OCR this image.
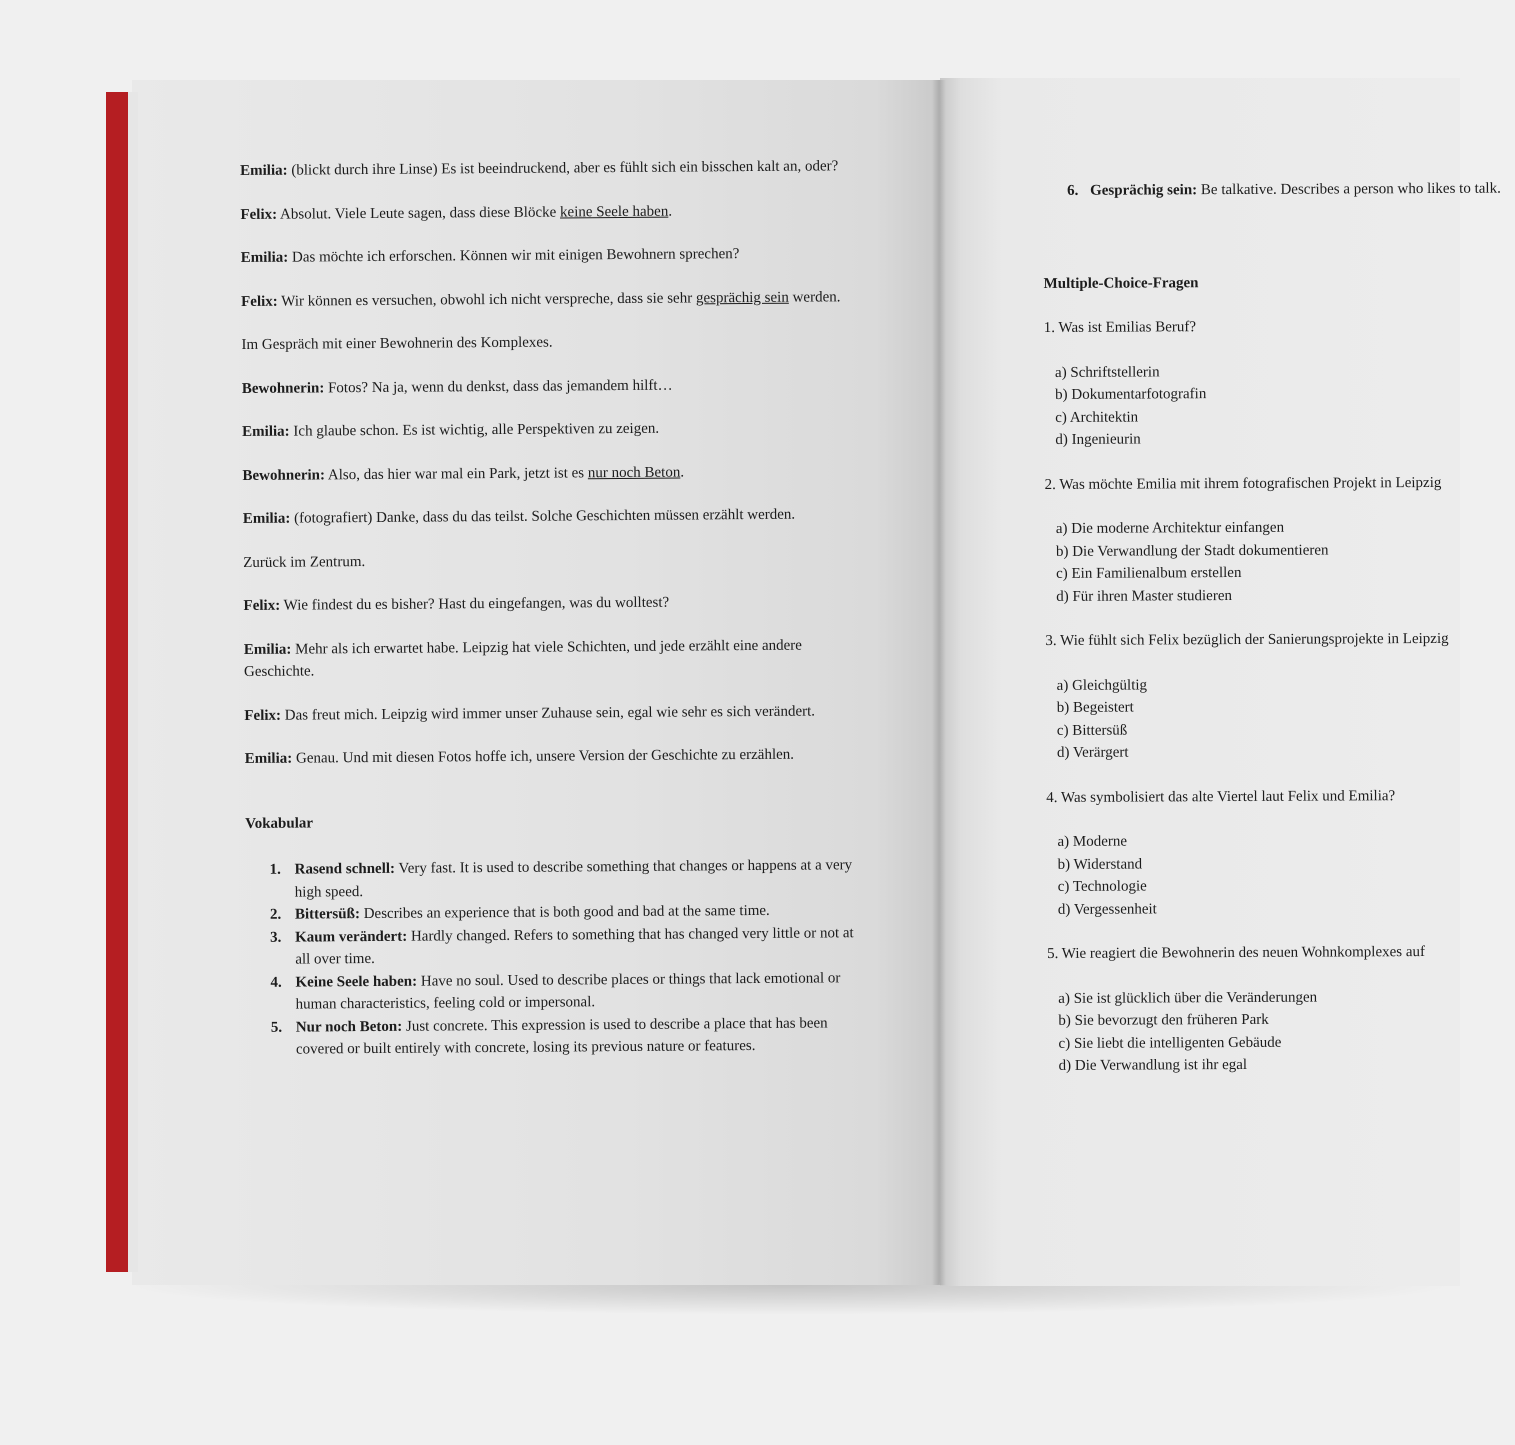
Emilia: (blickt durch ihre Linse) Es ist beeindruckend, aber es fühlt sich ein bisschen kalt an, oder?

Felix: Absolut. Viele Leute sagen, dass diese Blöcke keine Seele haben.

Emilia: Das möchte ich erforschen. Können wir mit einigen Bewohnern sprechen?

Felix: Wir können es versuchen, obwohl ich nicht verspreche, dass sie sehr gesprächig sein werden.

Im Gespräch mit einer Bewohnerin des Komplexes.

Bewohnerin: Fotos? Na ja, wenn du denkst, dass das jemandem hilft…

Emilia: Ich glaube schon. Es ist wichtig, alle Perspektiven zu zeigen.

Bewohnerin: Also, das hier war mal ein Park, jetzt ist es nur noch Beton.

Emilia: (fotografiert) Danke, dass du das teilst. Solche Geschichten müssen erzählt werden.

Zurück im Zentrum.

Felix: Wie findest du es bisher? Hast du eingefangen, was du wolltest?

Emilia: Mehr als ich erwartet habe. Leipzig hat viele Schichten, und jede erzählt eine andere Geschichte.

Felix: Das freut mich. Leipzig wird immer unser Zuhause sein, egal wie sehr es sich verändert.

Emilia: Genau. Und mit diesen Fotos hoffe ich, unsere Version der Geschichte zu erzählen.

Vokabular
1. Rasend schnell: Very fast. It is used to describe something that changes or happens at a very high speed.
2. Bittersüß: Describes an experience that is both good and bad at the same time.
3. Kaum verändert: Hardly changed. Refers to something that has changed very little or not at all over time.
4. Keine Seele haben: Have no soul. Used to describe places or things that lack emotional or human characteristics, feeling cold or impersonal.
5. Nur noch Beton: Just concrete. This expression is used to describe a place that has been covered or built entirely with concrete, losing its previous nature or features.
6. Gesprächig sein: Be talkative. Describes a person who likes to talk.
Multiple-Choice-Fragen
1. Was ist Emilias Beruf?
a) Schriftstellerin
b) Dokumentarfotografin
c) Architektin
d) Ingenieurin
2. Was möchte Emilia mit ihrem fotografischen Projekt in Leipzig
a) Die moderne Architektur einfangen
b) Die Verwandlung der Stadt dokumentieren
c) Ein Familienalbum erstellen
d) Für ihren Master studieren
3. Wie fühlt sich Felix bezüglich der Sanierungsprojekte in Leipzig
a) Gleichgültig
b) Begeistert
c) Bittersüß
d) Verärgert
4. Was symbolisiert das alte Viertel laut Felix und Emilia?
a) Moderne
b) Widerstand
c) Technologie
d) Vergessenheit
5. Wie reagiert die Bewohnerin des neuen Wohnkomplexes auf
a) Sie ist glücklich über die Veränderungen
b) Sie bevorzugt den früheren Park
c) Sie liebt die intelligenten Gebäude
d) Die Verwandlung ist ihr egal
